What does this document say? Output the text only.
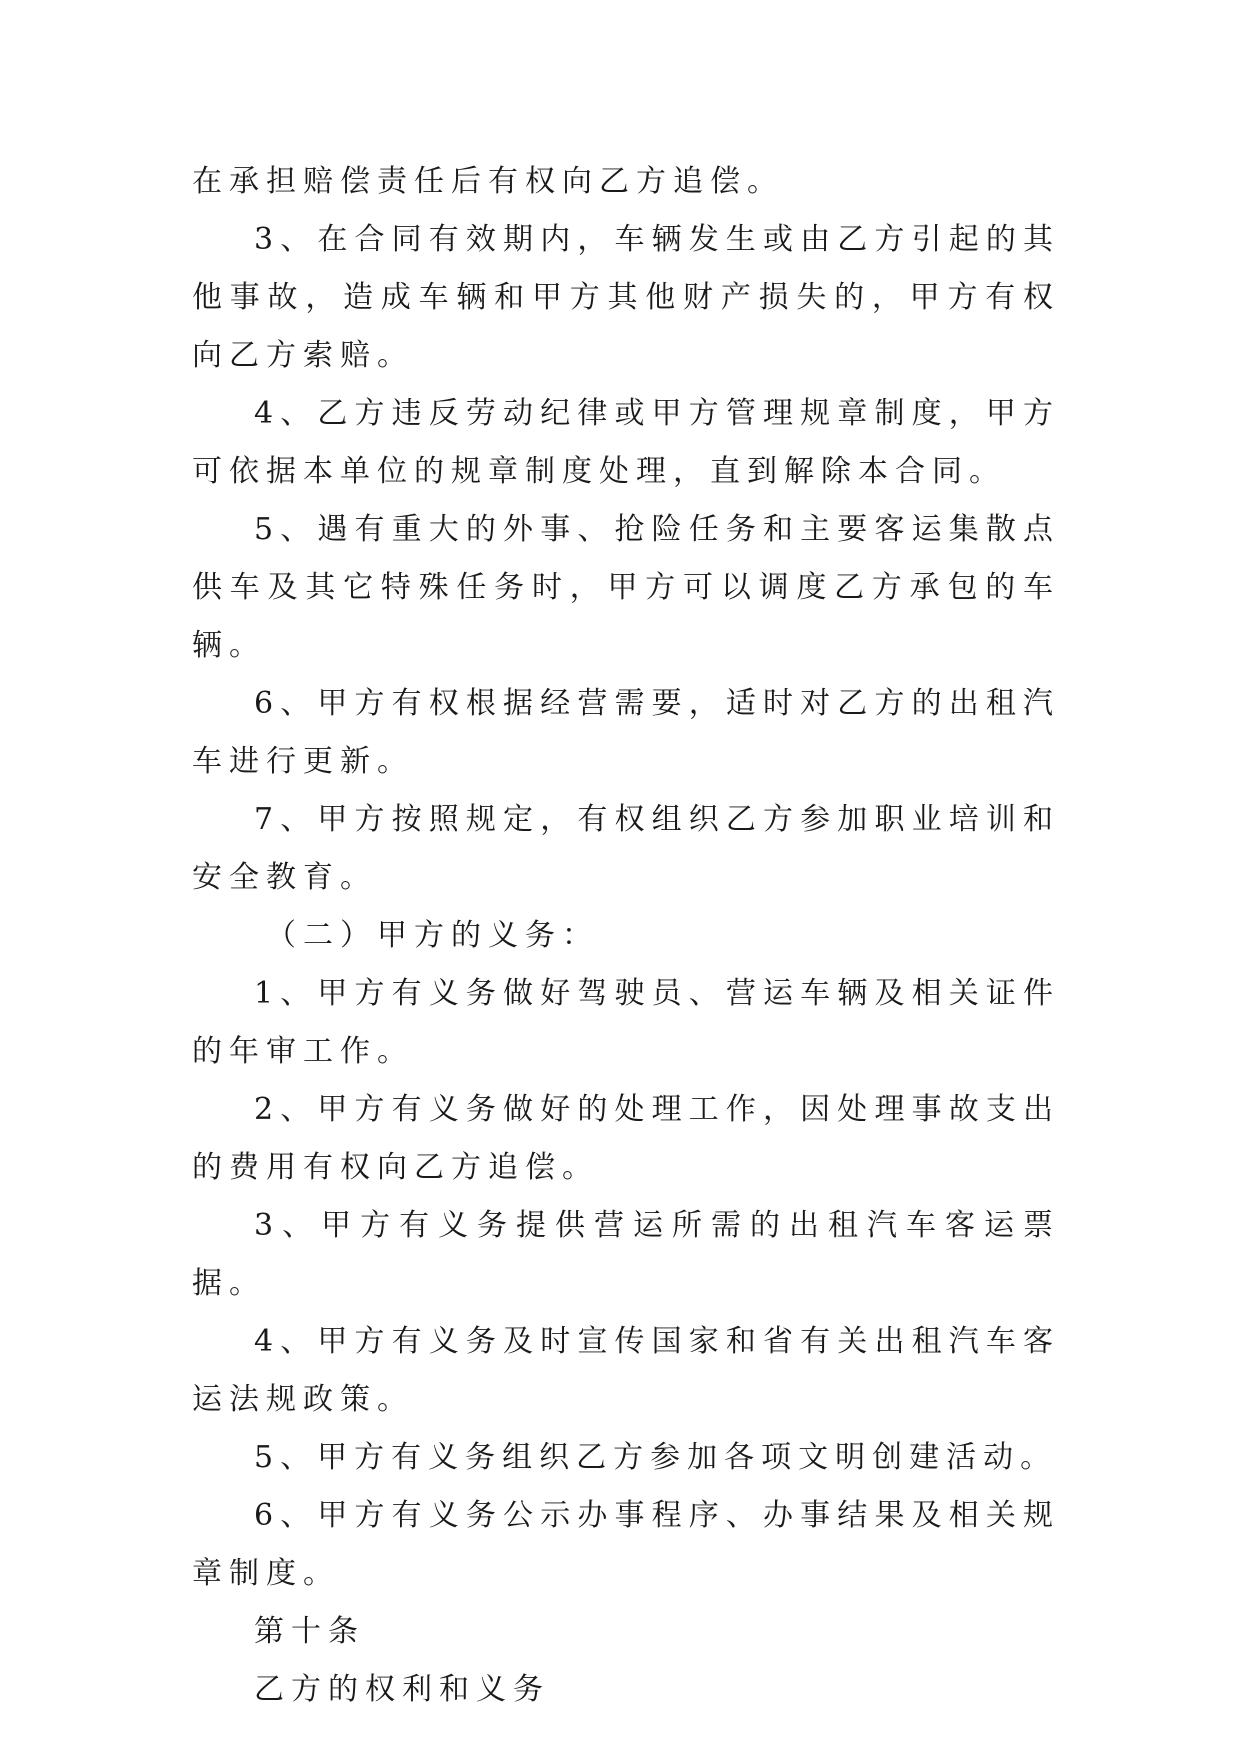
在承担赔偿责任后有权向乙方追偿。

3、在合同有效期内，车辆发生或由乙方引起的其他事故，造成车辆和甲方其他财产损失的，甲方有权向乙方索赔。

4、乙方违反劳动纪律或甲方管理规章制度，甲方可依据本单位的规章制度处理，直到解除本合同。

5、遇有重大的外事、抢险任务和主要客运集散点供车及其它特殊任务时，甲方可以调度乙方承包的车辆。

6、甲方有权根据经营需要，适时对乙方的出租汽车进行更新。

7、甲方按照规定，有权组织乙方参加职业培训和安全教育。

（二）甲方的义务：

1、甲方有义务做好驾驶员、营运车辆及相关证件的年审工作。

2、甲方有义务做好的处理工作，因处理事故支出的费用有权向乙方追偿。

3、甲方有义务提供营运所需的出租汽车客运票据。

4、甲方有义务及时宣传国家和省有关出租汽车客运法规政策。

5、甲方有义务组织乙方参加各项文明创建活动。

6、甲方有义务公示办事程序、办事结果及相关规章制度。

第十条

乙方的权利和义务
